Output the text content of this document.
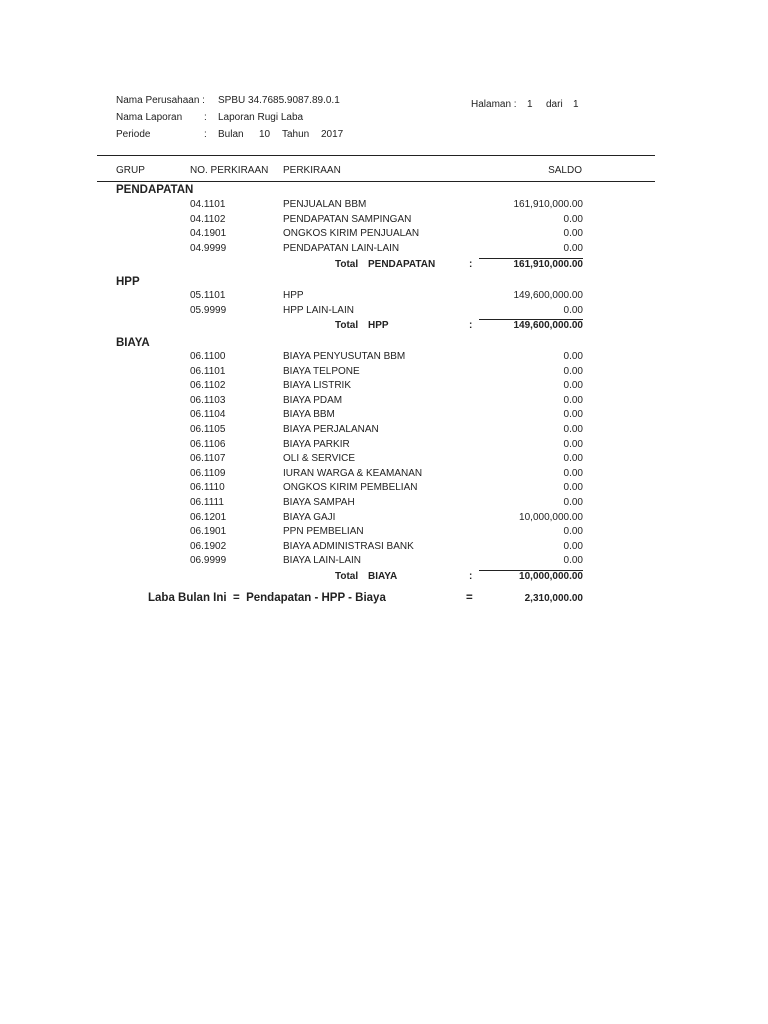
Nama Perusahaan : SPBU 34.7685.9087.89.0.1
Nama Laporan : Laporan Rugi Laba
Periode	: Bulan 10 Tahun 2017
Halaman : 1 dari 1
GRUP	NO. PERKIRAAN PERKIRAAN	SALDO
PENDAPATAN
04.1101	PENJUALAN BBM	161,910,000.00
04.1102	PENDAPATAN SAMPINGAN	0.00
04.1901	ONGKOS KIRIM PENJUALAN	0.00
04.9999	PENDAPATAN LAIN-LAIN	0.00
Total PENDAPATAN	:	161,910,000.00
HPP
05.1101	HPP	149,600,000.00
05.9999	HPP LAIN-LAIN	0.00
Total HPP	:	149,600,000.00
BIAYA
06.1100	BIAYA PENYUSUTAN BBM	0.00
06.1101	BIAYA TELPONE	0.00
06.1102	BIAYA LISTRIK	0.00
06.1103	BIAYA PDAM	0.00
06.1104	BIAYA BBM	0.00
06.1105	BIAYA PERJALANAN	0.00
06.1106	BIAYA PARKIR	0.00
06.1107	OLI & SERVICE	0.00
06.1109	IURAN WARGA & KEAMANAN	0.00
06.1110	ONGKOS KIRIM PEMBELIAN	0.00
06.1111	BIAYA SAMPAH	0.00
06.1201	BIAYA GAJI	10,000,000.00
06.1901	PPN PEMBELIAN	0.00
06.1902	BIAYA ADMINISTRASI BANK	0.00
06.9999	BIAYA LAIN-LAIN	0.00
Total BIAYA	:	10,000,000.00
Laba Bulan Ini  =  Pendapatan - HPP - Biaya	=	2,310,000.00
